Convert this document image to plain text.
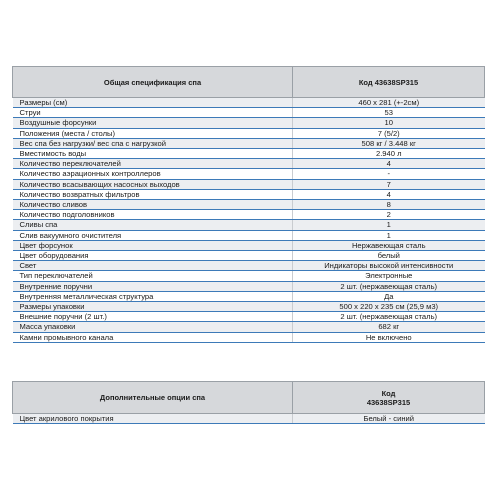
Общая спецификация спа	Код 43638SP315
Размеры (см)	460 x 281 (+-2см)
Струи	53
Воздушные форсунки	10
Положения (места / столы)	7 (5/2)
Вес спа без нагрузки/ вес спа с нагрузкой	508 кг / 3.448 кг
Вместимость воды	2.940 л
Количество переключателей	4
Количество аэрационных контроллеров	-
Количество всасывающих насосных выходов	7
Количество возвратных фильтров	4
Количество сливов	8
Количество подголовников	2
Сливы спа	1
Слив вакуумного очистителя	1
Цвет форсунок	Нержавеющая сталь
Цвет оборудования	белый
Свет	Индикаторы высокой интенсивности
Тип переключателей	Электронные
Внутренние поручни	2 шт. (нержавеющая сталь)
Внутренняя металлическая структура	Да
Размеры упаковки	500 x 220 x 235 см (25,9 м3)
Внешние поручни (2 шт.)	2 шт. (нержавеющая сталь)
Масса упаковки	682 кг
Камни промывного канала	Не включено
Дополнительные опции спа	Код
43638SP315

Цвет акрилового покрытия	Белый - синий
